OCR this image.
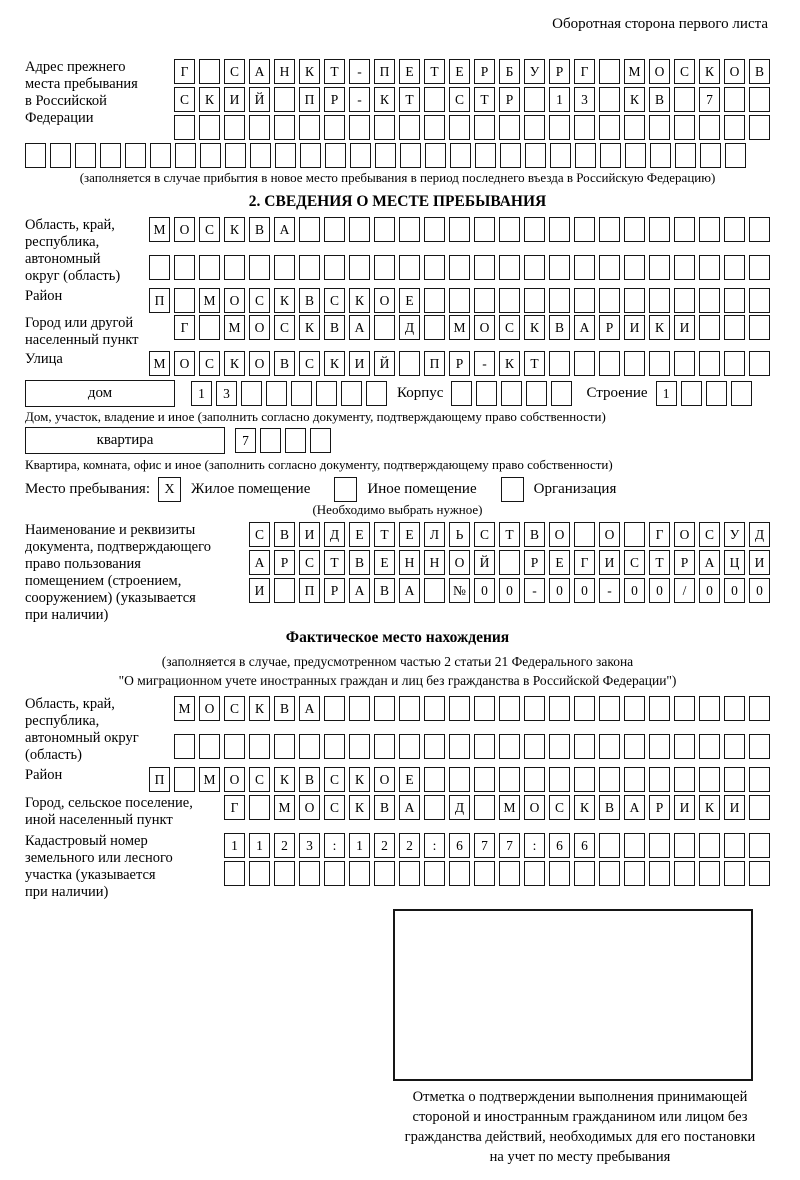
Оборотная сторона первого листа
Адрес прежнего
места пребывания
в Российской
Федерации
Г	С	А	Н	К	Т	-	П	Е	Т	Е	Р	Б	У	Р	Г	М	О	С	К	О	В
С	К	И	Й	П	Р	-	К	Т	С	Т	Р	1	3	К	В	7
(заполняется в случае прибытия в новое место пребывания в период последнего въезда в Российскую Федерацию)
2. СВЕДЕНИЯ О МЕСТЕ ПРЕБЫВАНИЯ
Область, край,
республика,
автономный
округ (область)
М	О	С	К	В	А
Район	П	М	О	С	К	В	С	К	О	Е
Город или другой
населенный пункт
Г	М	О	С	К	В	А	Д	М	О	С	К	В	А	Р	И	К	И
Улица	М	О	С	К	О	В	С	К	И	Й	П	Р	-	К	Т
дом	1	3	Корпус	Строение	1
Дом, участок, владение и иное (заполнить согласно документу, подтверждающему право собственности)
квартира	7
Квартира, комната, офис и иное (заполнить согласно документу, подтверждающему право собственности)
Место пребывания:	X	Жилое помещение	Иное помещение	Организация
(Необходимо выбрать нужное)
Наименование и реквизиты
документа, подтверждающего
право пользования
помещением (строением,
сооружением) (указывается
при наличии)
С	В	И	Д	Е	Т	Е	Л	Ь	С	Т	В	О	О	Г	О	С	У	Д
А	Р	С	Т	В	Е	Н	Н	О	Й	Р	Е	Г	И	С	Т	Р	А	Ц	И
И	П	Р	А	В	А	№	0	0	-	0	0	-	0	0	/	0	0	0
Фактическое место нахождения
(заполняется в случае, предусмотренном частью 2 статьи 21 Федерального закона
"О миграционном учете иностранных граждан и лиц без гражданства в Российской Федерации")
Область, край,
республика,
автономный округ
(область)
М	О	С	К	В	А
Район	П	М	О	С	К	В	С	К	О	Е
Город, сельское поселение,
иной населенный пункт
Г	М	О	С	К	В	А	Д	М	О	С	К	В	А	Р	И	К	И
Кадастровый номер
земельного или лесного
участка (указывается
при наличии)
1	1	2	3	:	1	2	2	:	6	7	7	:	6	6
Отметка о подтверждении выполнения принимающей
стороной и иностранным гражданином или лицом без
гражданства действий, необходимых для его постановки
на учет по месту пребывания
